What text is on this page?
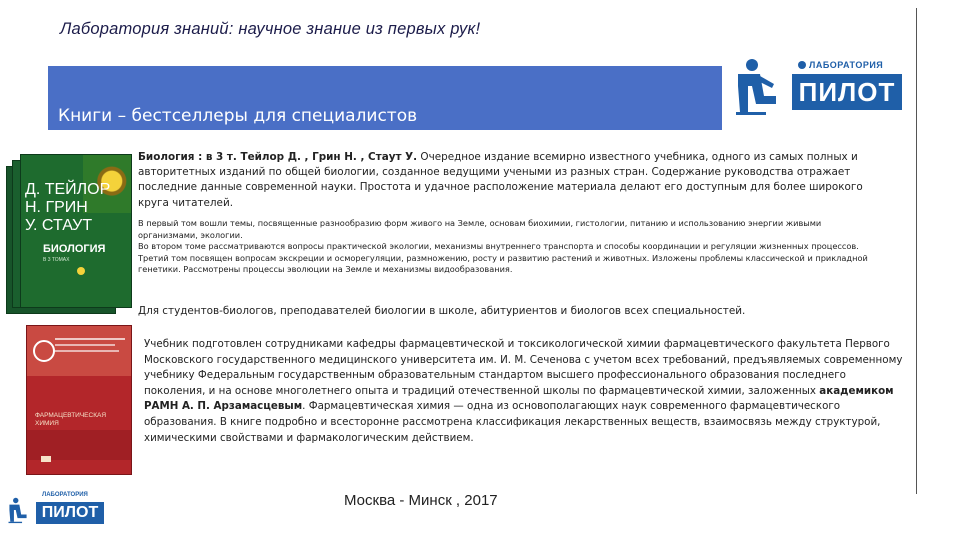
Лаборатория знаний: научное знание из первых рук!
Книги – бестселлеры для специалистов
ЛАБОРАТОРИЯ
ПИЛОТ
Д. ТЕЙЛОР
Н. ГРИН
У. СТАУТ
БИОЛОГИЯ
В 3 ТОМАХ
Биология : в 3 т. Тейлор Д. , Грин Н. , Стаут У. Очередное издание всемирно известного учебника, одного из самых полных и авторитетных изданий по общей биологии, созданное ведущими учеными из разных стран. Содержание руководства отражает последние данные современной науки. Простота и удачное расположение материала делают его доступным для более широкого круга читателей.
В первый том вошли темы, посвященные разнообразию форм живого на Земле, основам биохимии, гистологии, питанию и использованию энергии живыми организмами, экологии.
Во втором томе рассматриваются вопросы практической экологии, механизмы внутреннего транспорта и способы координации и регуляции жизненных процессов.
Третий том посвящен вопросам экскреции и осморегуляции, размножению, росту и развитию растений и животных. Изложены проблемы классической и прикладной генетики. Рассмотрены процессы эволюции на Земле и механизмы видообразования.
Для студентов-биологов, преподавателей биологии в школе, абитуриентов и биологов всех специальностей.
ФАРМАЦЕВТИЧЕСКАЯ ХИМИЯ
Учебник подготовлен сотрудниками кафедры фармацевтической и токсикологической химии фармацевтического факультета Первого Московского государственного медицинского университета им. И. М. Сеченова с учетом всех требований, предъявляемых современному учебнику Федеральным государственным образовательным стандартом высшего профессионального образования последнего поколения, и на основе многолетнего опыта и традиций отечественной школы по фармацевтической химии, заложенных академиком РАМН А. П. Арзамасцевым. Фармацевтическая химия — одна из основополагающих наук современного фармацевтического образования. В книге подробно и всесторонне рассмотрена классификация лекарственных веществ, взаимосвязь между структурой, химическими свойствами и фармакологическим действием.
Москва - Минск , 2017
ЛАБОРАТОРИЯ
ПИЛОТ
